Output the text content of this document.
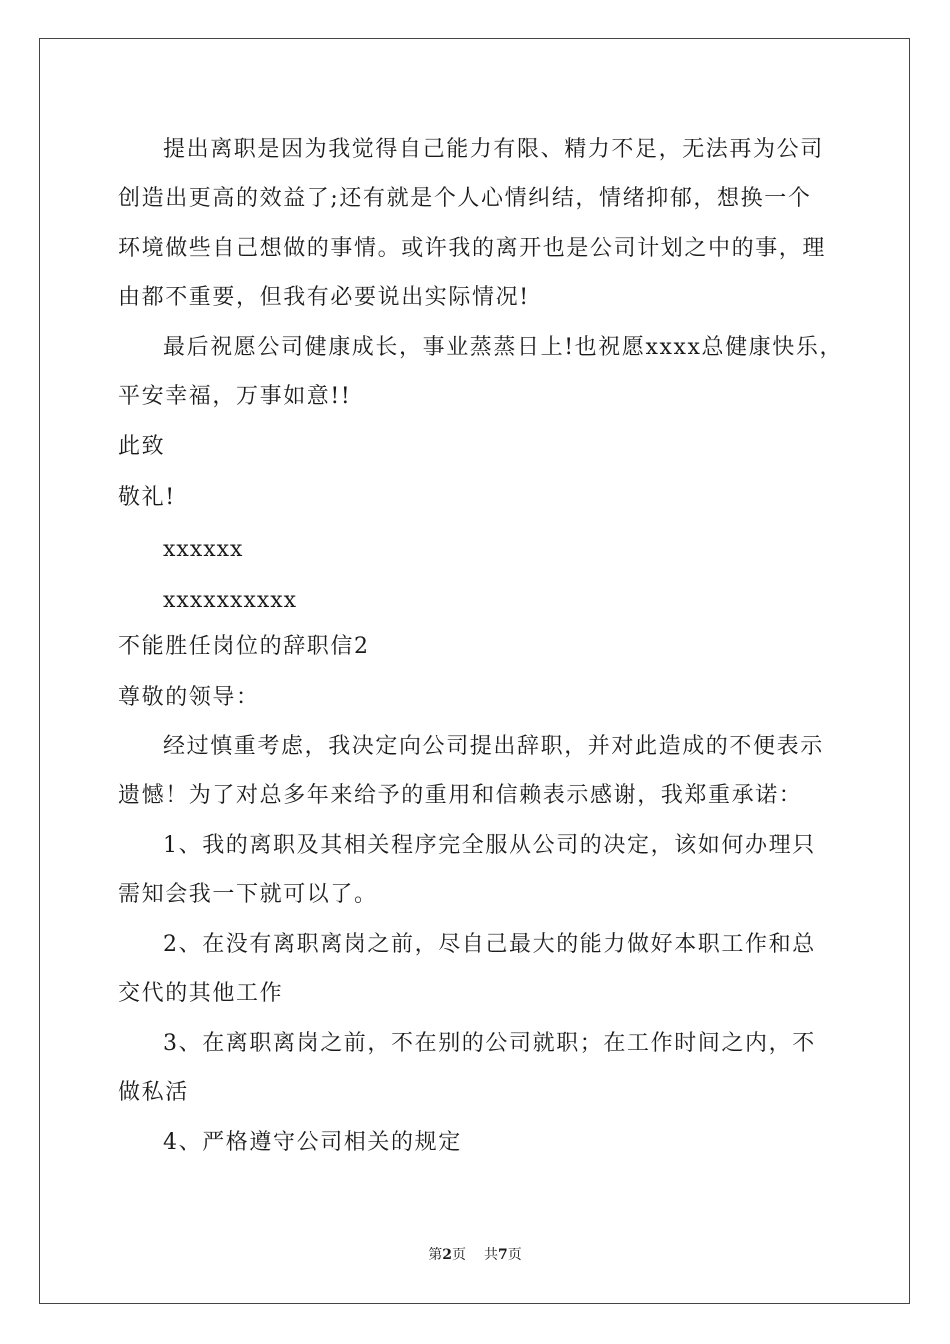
提出离职是因为我觉得自己能力有限、精力不足，无法再为公司
创造出更高的效益了;还有就是个人心情纠结，情绪抑郁，想换一个
环境做些自己想做的事情。或许我的离开也是公司计划之中的事，理
由都不重要，但我有必要说出实际情况!
最后祝愿公司健康成长，事业蒸蒸日上!也祝愿xxxx总健康快乐，
平安幸福，万事如意!!
此致
敬礼!
xxxxxx
xxxxxxxxxx
不能胜任岗位的辞职信2
尊敬的领导：
经过慎重考虑，我决定向公司提出辞职，并对此造成的不便表示
遗憾！为了对总多年来给予的重用和信赖表示感谢，我郑重承诺：
1、我的离职及其相关程序完全服从公司的决定，该如何办理只
需知会我一下就可以了。
2、在没有离职离岗之前，尽自己最大的能力做好本职工作和总
交代的其他工作
3、在离职离岗之前，不在别的公司就职；在工作时间之内，不
做私活
4、严格遵守公司相关的规定
第2页 共7页
